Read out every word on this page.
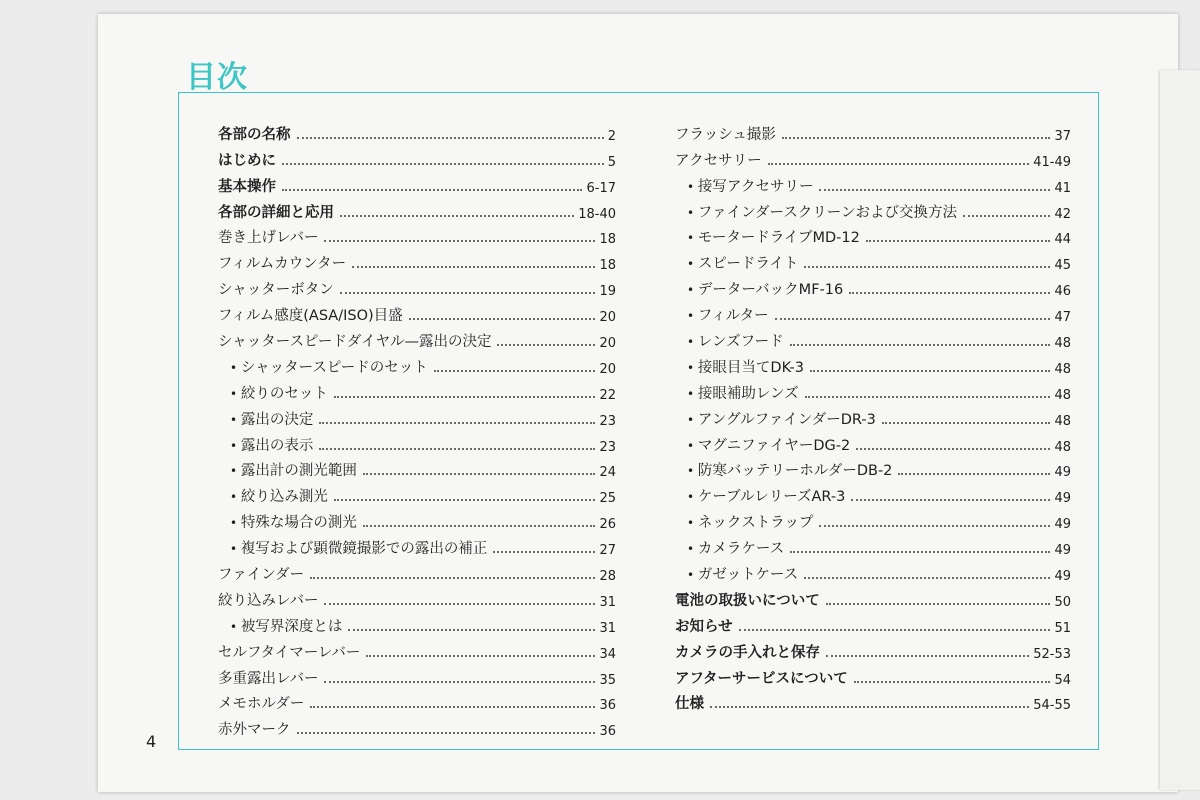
目次
各部の名称	2
はじめに	5
基本操作	6-17
各部の詳細と応用	18-40
巻き上げレバー	18
フィルムカウンター	18
シャッターボタン	19
フィルム感度(ASA/ISO)目盛	20
シャッタースピードダイヤル—露出の決定	20
• シャッタースピードのセット	20
• 絞りのセット	22
• 露出の決定	23
• 露出の表示	23
• 露出計の測光範囲	24
• 絞り込み測光	25
• 特殊な場合の測光	26
• 複写および顕微鏡撮影での露出の補正	27
ファインダー	28
絞り込みレバー	31
• 被写界深度とは	31
セルフタイマーレバー	34
多重露出レバー	35
メモホルダー	36
赤外マーク	36
フラッシュ撮影	37
アクセサリー	41-49
• 接写アクセサリー	41
• ファインダースクリーンおよび交換方法	42
• モータードライブMD-12	44
• スピードライト	45
• データーバックMF-16	46
• フィルター	47
• レンズフード	48
• 接眼目当てDK-3	48
• 接眼補助レンズ	48
• アングルファインダーDR-3	48
• マグニファイヤーDG-2	48
• 防寒バッテリーホルダーDB-2	49
• ケーブルレリーズAR-3	49
• ネックストラップ	49
• カメラケース	49
• ガゼットケース	49
電池の取扱いについて	50
お知らせ	51
カメラの手入れと保存	52-53
アフターサービスについて	54
仕様	54-55
4
